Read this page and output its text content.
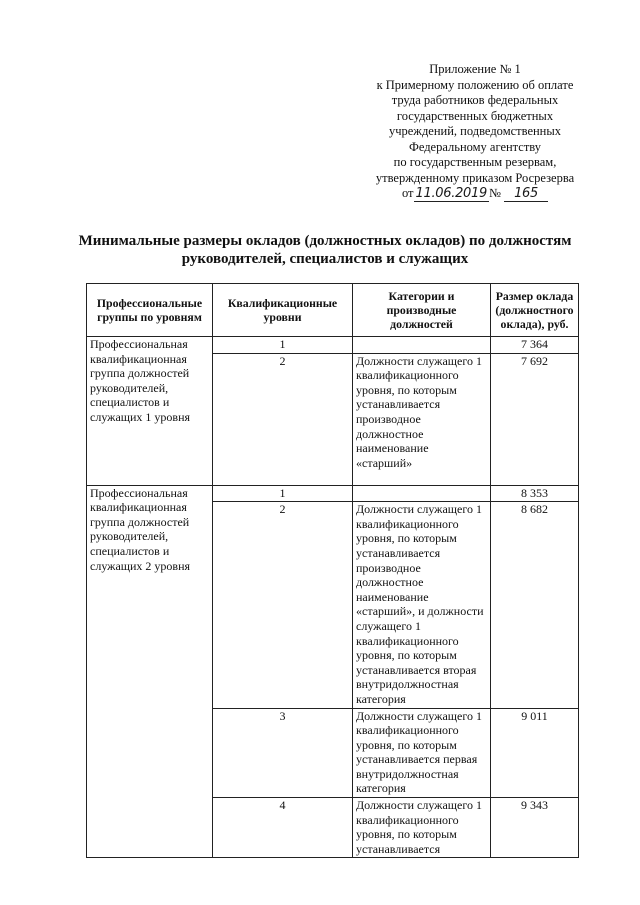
Приложение № 1
к Примерному положению об оплате
труда работников федеральных
государственных бюджетных
учреждений, подведомственных
Федеральному агентству
по государственным резервам,
утвержденному приказом Росрезерва
от 11.06.2019 № 165
Минимальные размеры окладов (должностных окладов) по должностям
руководителей, специалистов и служащих
Профессиональные группы по уровням	Квалификационные уровни	Категории и производные должностей	Размер оклада (должностного оклада), руб.
Профессиональная квалификационная группа должностей руководителей, специалистов и служащих 1 уровня	1		7 364
	2	Должности служащего 1 квалификационного уровня, по которым устанавливается производное должностное наименование «старший»	7 692
Профессиональная квалификационная группа должностей руководителей, специалистов и служащих 2 уровня	1		8 353
	2	Должности служащего 1 квалификационного уровня, по которым устанавливается производное должностное наименование «старший», и должности служащего 1 квалификационного уровня, по которым устанавливается вторая внутридолжностная категория	8 682
	3	Должности служащего 1 квалификационного уровня, по которым устанавливается первая внутридолжностная категория	9 011
	4	Должности служащего 1 квалификационного уровня, по которым устанавливается	9 343
